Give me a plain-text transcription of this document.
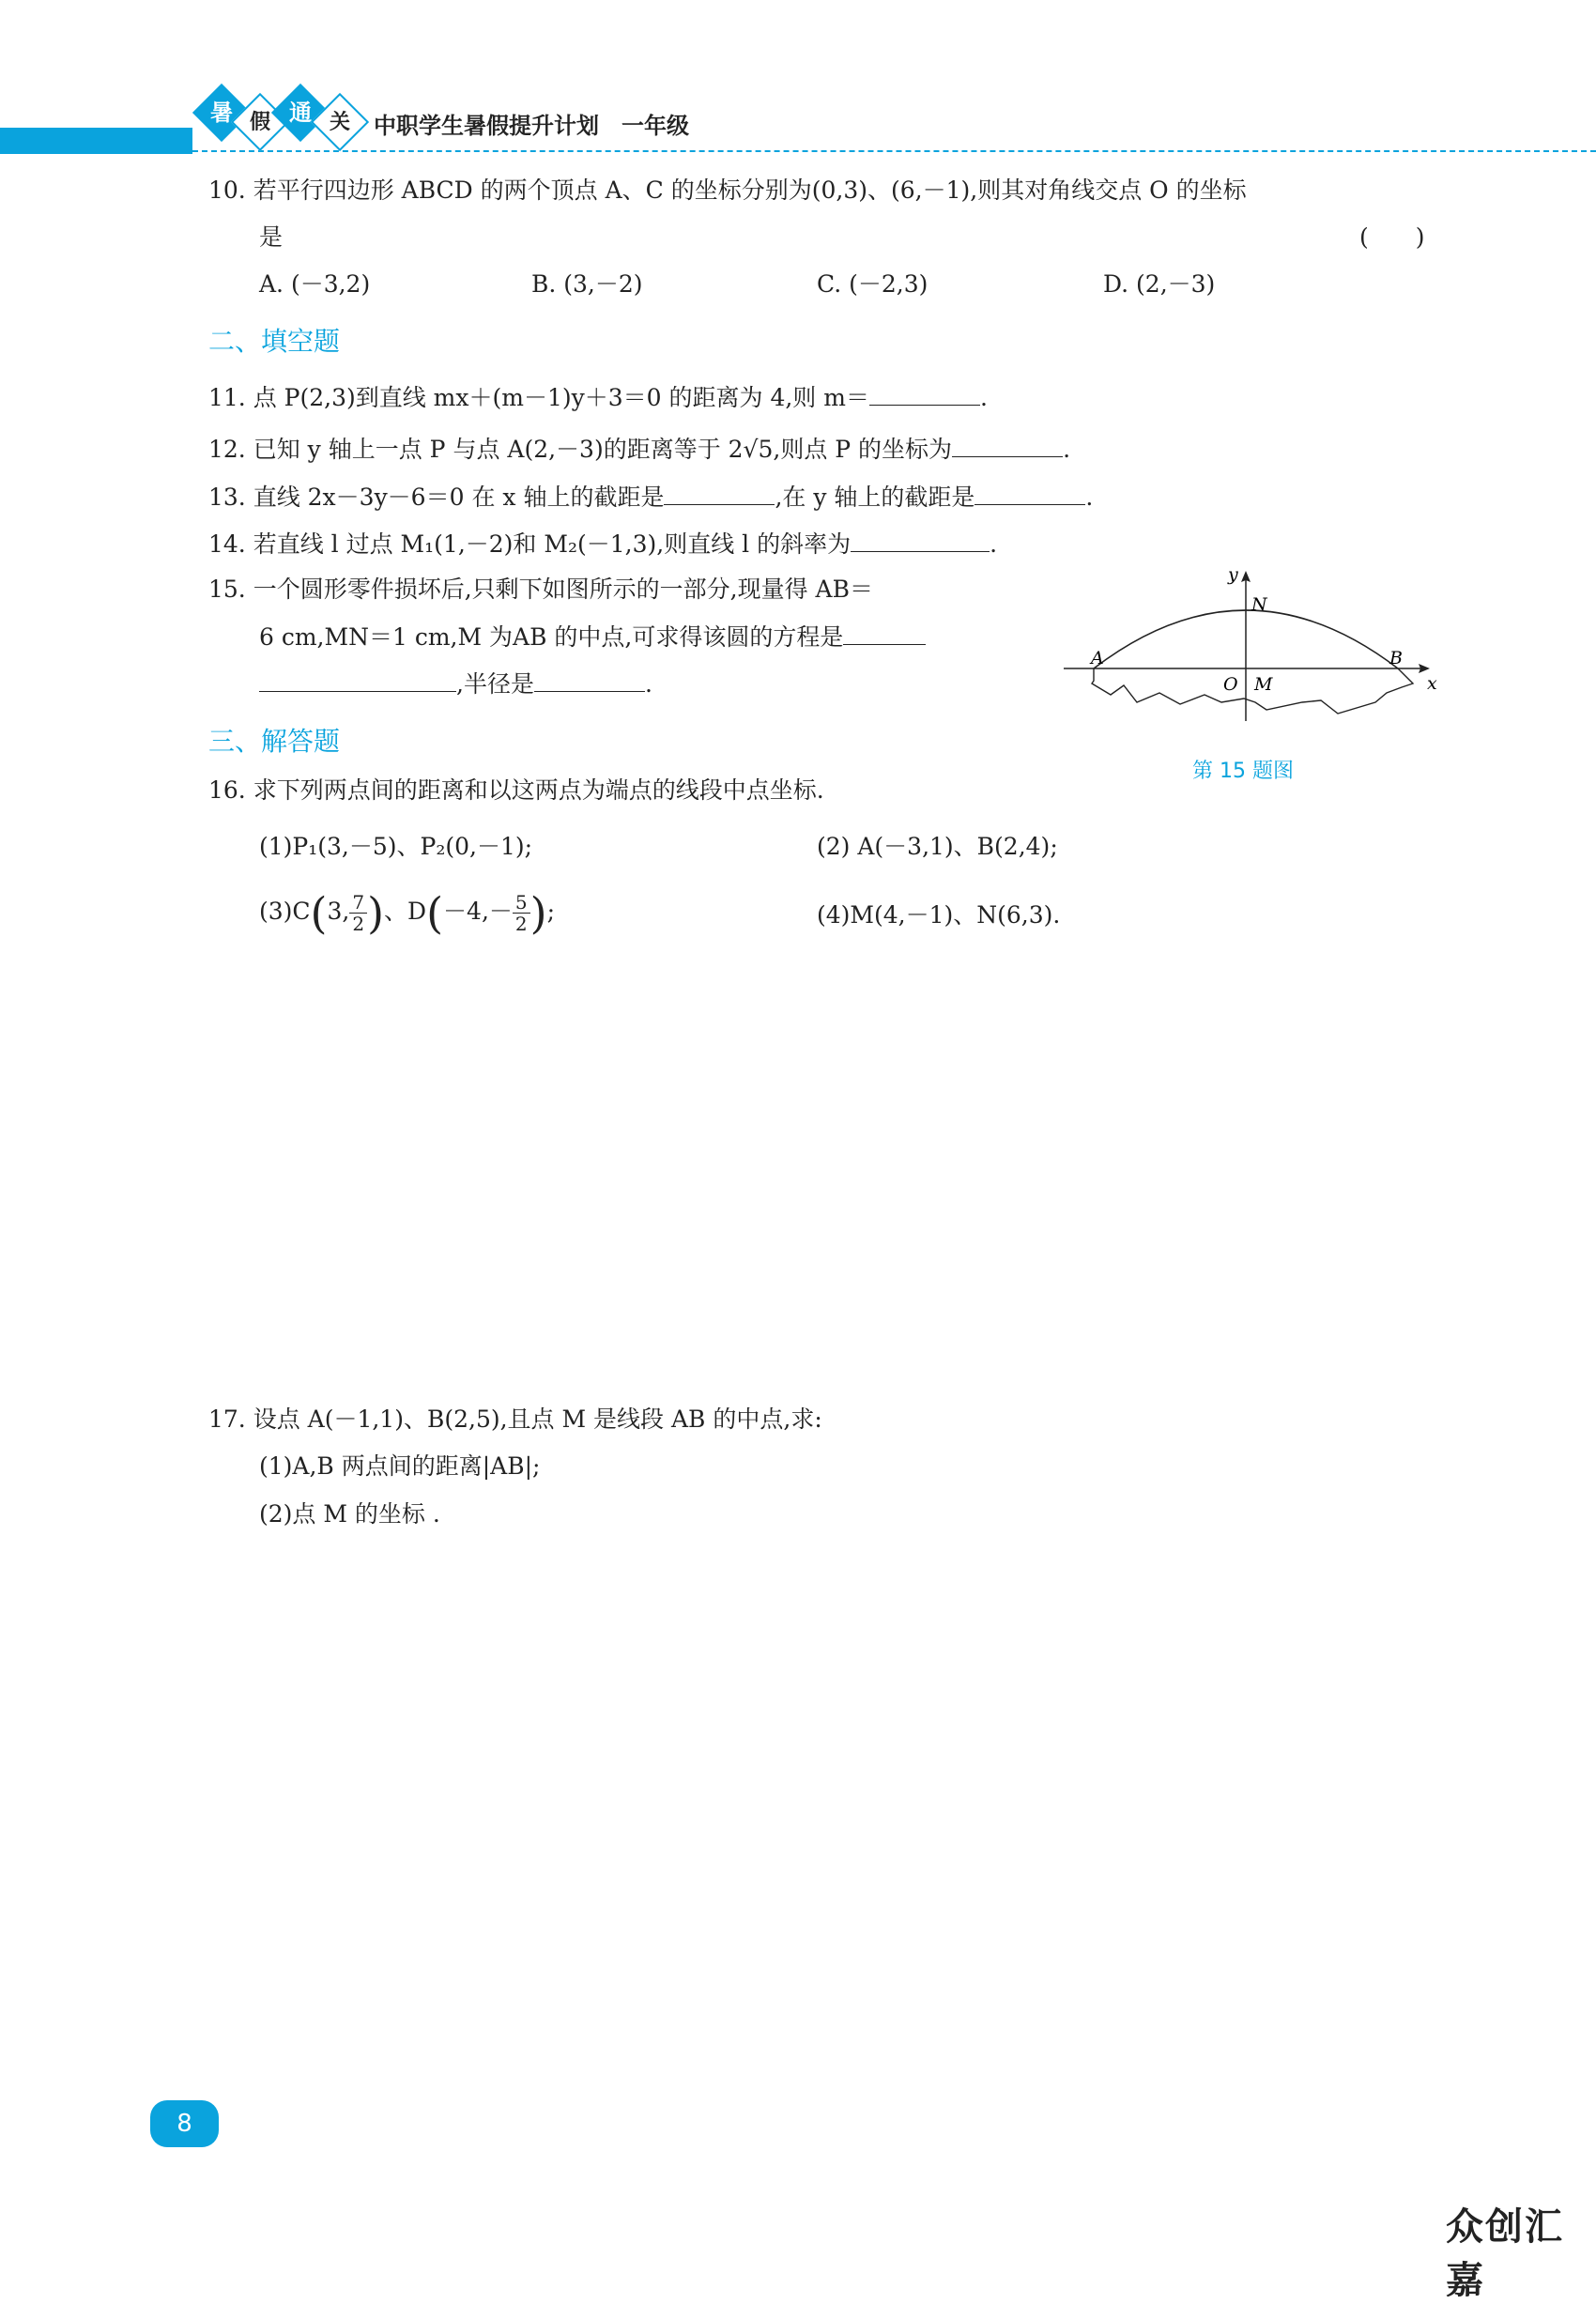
暑 假 通 关	中职学生暑假提升计划　一年级
10. 若平行四边形 ABCD 的两个顶点 A、C 的坐标分别为(0,3)、(6,－1),则其对角线交点 O 的坐标
是	(　　)
A. (－3,2)	B. (3,－2)	C. (－2,3)	D. (2,－3)
二、填空题
11. 点 P(2,3)到直线 mx＋(m－1)y＋3＝0 的距离为 4,则 m＝	.
12. 已知 y 轴上一点 P 与点 A(2,－3)的距离等于 2√5,则点 P 的坐标为	.
13. 直线 2x－3y－6＝0 在 x 轴上的截距是	,在 y 轴上的截距是	.
14. 若直线 l 过点 M₁(1,－2)和 M₂(－1,3),则直线 l 的斜率为	.
15. 一个圆形零件损坏后,只剩下如图所示的一部分,现量得 AB＝
6 cm,MN＝1 cm,M 为AB 的中点,可求得该圆的方程是
,半径是	.
y
x
N
A	B
O M
第 15 题图
三、解答题
16. 求下列两点间的距离和以这两点为端点的线段中点坐标.
(1)P₁(3,－5)、P₂(0,－1);	(2) A(－3,1)、B(2,4);
(3)C(3, $\frac{7}{2}$ )、$D(-4,- \frac{5}{2}$ );	(4)M(4,－1)、N(6,3).
17. 设点 A(－1,1)、B(2,5),且点 M 是线段 AB 的中点,求:
(1)A,B 两点间的距离|AB|;
(2)点 M 的坐标 .
8
众创汇嘉
